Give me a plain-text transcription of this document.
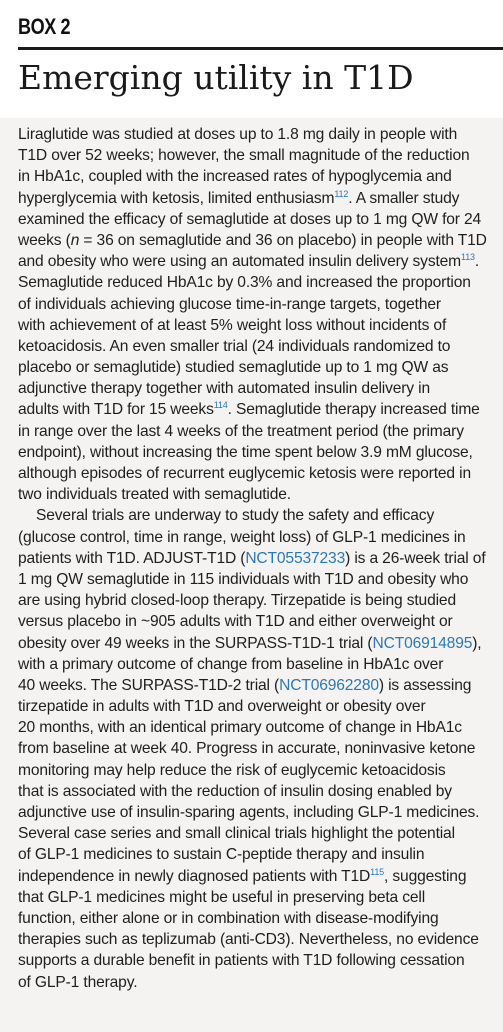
BOX 2
Emerging utility in T1D
Liraglutide was studied at doses up to 1.8 mg daily in people with
T1D over 52 weeks; however, the small magnitude of the reduction
in HbA1c, coupled with the increased rates of hypoglycemia and
hyperglycemia with ketosis, limited enthusiasm$^{112}$. A smaller study
examined the efficacy of semaglutide at doses up to 1 mg QW for 24
weeks (n = 36 on semaglutide and 36 on placebo) in people with T1D
and obesity who were using an automated insulin delivery system$^{113}$.
Semaglutide reduced HbA1c by 0.3% and increased the proportion
of individuals achieving glucose time-in-range targets, together
with achievement of at least 5% weight loss without incidents of
ketoacidosis. An even smaller trial (24 individuals randomized to
placebo or semaglutide) studied semaglutide up to 1 mg QW as
adjunctive therapy together with automated insulin delivery in
adults with T1D for 15 weeks$^{114}$. Semaglutide therapy increased time
in range over the last 4 weeks of the treatment period (the primary
endpoint), without increasing the time spent below 3.9 mM glucose,
although episodes of recurrent euglycemic ketosis were reported in
two individuals treated with semaglutide.
Several trials are underway to study the safety and efficacy
(glucose control, time in range, weight loss) of GLP-1 medicines in
patients with T1D. ADJUST-T1D (NCT05537233) is a 26-week trial of
1 mg QW semaglutide in 115 individuals with T1D and obesity who
are using hybrid closed-loop therapy. Tirzepatide is being studied
versus placebo in ~905 adults with T1D and either overweight or
obesity over 49 weeks in the SURPASS-T1D-1 trial (NCT06914895),
with a primary outcome of change from baseline in HbA1c over
40 weeks. The SURPASS-T1D-2 trial (NCT06962280) is assessing
tirzepatide in adults with T1D and overweight or obesity over
20 months, with an identical primary outcome of change in HbA1c
from baseline at week 40. Progress in accurate, noninvasive ketone
monitoring may help reduce the risk of euglycemic ketoacidosis
that is associated with the reduction of insulin dosing enabled by
adjunctive use of insulin-sparing agents, including GLP-1 medicines.
Several case series and small clinical trials highlight the potential
of GLP-1 medicines to sustain C-peptide therapy and insulin
independence in newly diagnosed patients with T1D$^{115}$, suggesting
that GLP-1 medicines might be useful in preserving beta cell
function, either alone or in combination with disease-modifying
therapies such as teplizumab (anti-CD3). Nevertheless, no evidence
supports a durable benefit in patients with T1D following cessation
of GLP-1 therapy.
